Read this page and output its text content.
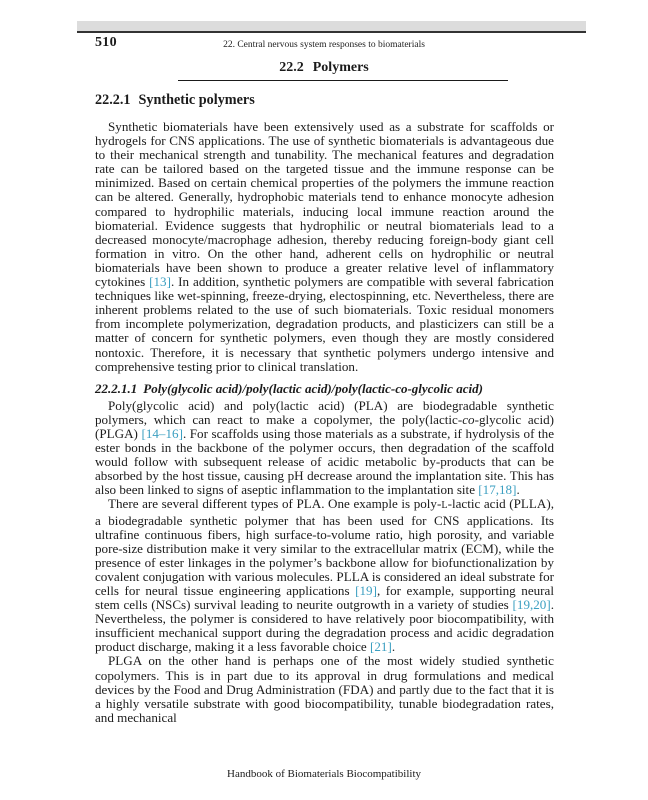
510	22. Central nervous system responses to biomaterials
22.2 Polymers
22.2.1 Synthetic polymers

Synthetic biomaterials have been extensively used as a substrate for scaffolds or hydrogels for CNS applications. The use of synthetic biomaterials is advantageous due to their mechanical strength and tunability. The mechanical features and degradation rate can be tailored based on the targeted tissue and the immune response can be minimized. Based on certain chemical properties of the polymers the immune reaction can be altered. Generally, hydrophobic materials tend to enhance monocyte adhesion compared to hydrophilic materials, inducing local immune reaction around the biomaterial. Evidence suggests that hydrophilic or neutral biomaterials lead to a decreased monocyte/macrophage adhesion, thereby reducing foreign-body giant cell formation in vitro. On the other hand, adherent cells on hydrophilic or neutral biomaterials have been shown to produce a greater relative level of inflammatory cytokines [13]. In addition, synthetic polymers are compatible with several fabrication techniques like wet-spinning, freeze-drying, electospinning, etc. Nevertheless, there are inherent problems related to the use of such biomaterials. Toxic residual monomers from incomplete polymerization, degradation products, and plasticizers can still be a matter of concern for synthetic polymers, even though they are mostly considered nontoxic. Therefore, it is necessary that synthetic polymers undergo intensive and comprehensive testing prior to clinical translation.

22.2.1.1 Poly(glycolic acid)/poly(lactic acid)/poly(lactic-co-glycolic acid)

Poly(glycolic acid) and poly(lactic acid) (PLA) are biodegradable synthetic polymers, which can react to make a copolymer, the poly(lactic-co-glycolic acid) (PLGA) [14–16]. For scaffolds using those materials as a substrate, if hydrolysis of the ester bonds in the backbone of the polymer occurs, then degradation of the scaffold would follow with subsequent release of acidic metabolic by-products that can be absorbed by the host tissue, causing pH decrease around the implantation site. This has also been linked to signs of aseptic inflammation to the implantation site [17,18].

There are several different types of PLA. One example is poly-L-lactic acid (PLLA), a biodegradable synthetic polymer that has been used for CNS applications. Its ultrafine continuous fibers, high surface-to-volume ratio, high porosity, and variable pore-size distribution make it very similar to the extracellular matrix (ECM), while the presence of ester linkages in the polymer’s backbone allow for biofunctionalization by covalent conjugation with various molecules. PLLA is considered an ideal substrate for cells for neural tissue engineering applications [19], for example, supporting neural stem cells (NSCs) survival leading to neurite outgrowth in a variety of studies [19,20]. Nevertheless, the polymer is considered to have relatively poor biocompatibility, with insufficient mechanical support during the degradation process and acidic degradation product discharge, making it a less favorable choice [21].

PLGA on the other hand is perhaps one of the most widely studied synthetic copolymers. This is in part due to its approval in drug formulations and medical devices by the Food and Drug Administration (FDA) and partly due to the fact that it is a highly versatile substrate with good biocompatibility, tunable biodegradation rates, and mechanical

Handbook of Biomaterials Biocompatibility
